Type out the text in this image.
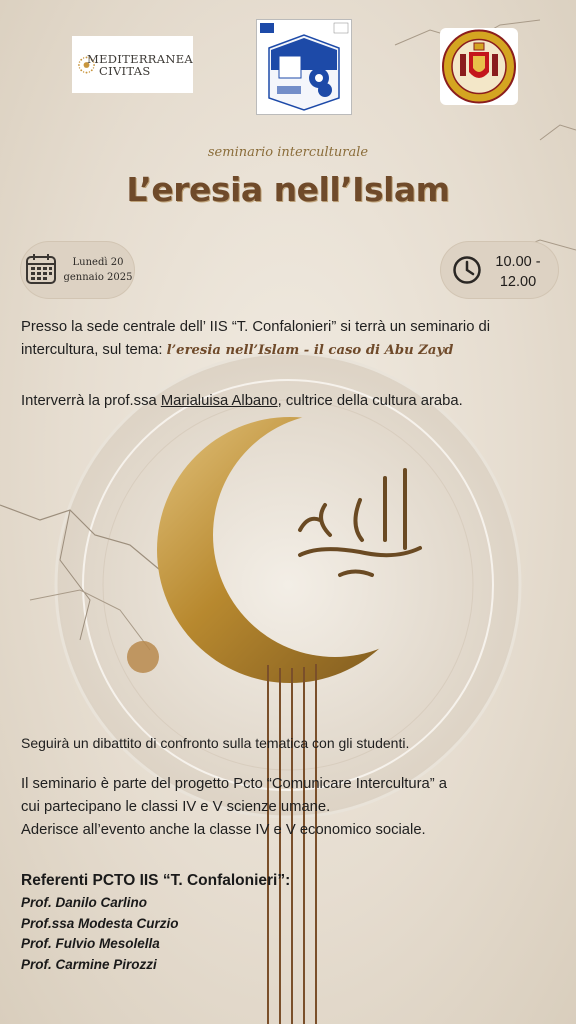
MEDITERRANEA
CIVITAS
seminario interculturale
L’eresia nell’Islam
Lunedì 20
gennaio 2025
10.00 -
12.00
Presso la sede centrale dell’ IIS “T. Confalonieri” si terrà un seminario di intercultura, sul tema: l’eresia nell’Islam - il caso di Abu Zayd
Interverrà la prof.ssa Marialuisa Albano, cultrice della cultura araba.
Seguirà un dibattito di confronto sulla tematica con gli studenti.
Il seminario è parte del progetto Pcto “Comunicare Intercultura” a
cui partecipano le classi IV e V scienze umane.
Aderisce all’evento anche la classe IV e V economico sociale.
Referenti PCTO IIS “T. Confalonieri”:
Prof. Danilo Carlino
Prof.ssa Modesta Curzio
Prof. Fulvio Mesolella
Prof. Carmine Pirozzi
